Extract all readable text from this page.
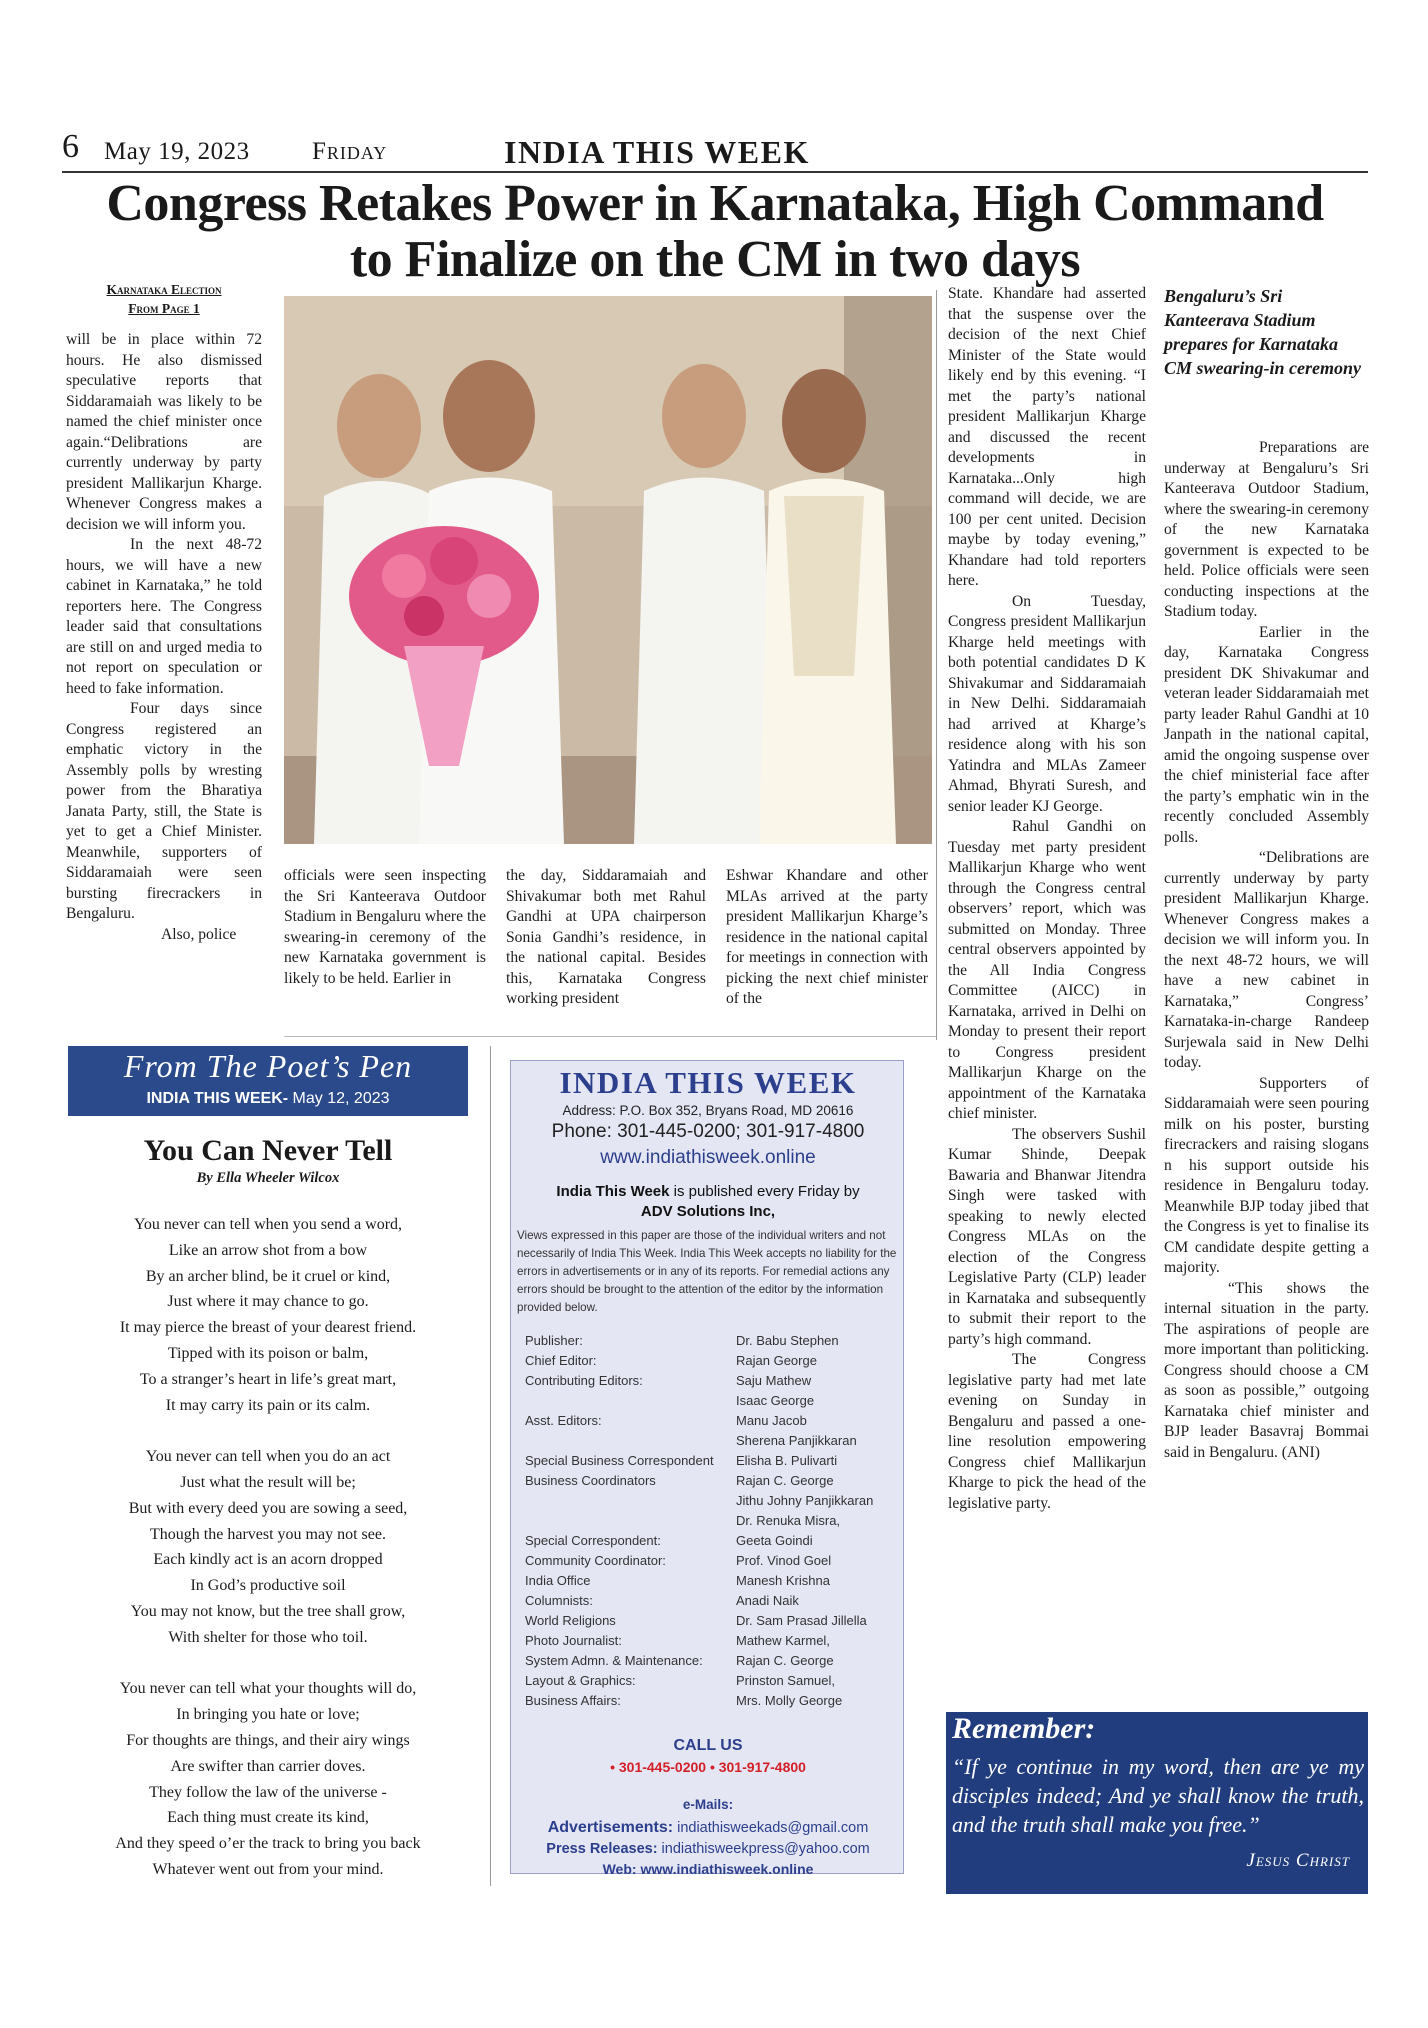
6 May 19, 2023 Friday	INDIA THIS WEEK
Congress Retakes Power in Karnataka, High Command
to Finalize on the CM in two days
Karnataka Election
From Page 1

will be in place within 72 hours. He also dismissed speculative reports that Siddaramaiah was likely to be named the chief minister once again.“Delibrations are currently underway by party president Mallikarjun Kharge. Whenever Congress makes a decision we will inform you.

In the next 48-72 hours, we will have a new cabinet in Karnataka,” he told reporters here. The Congress leader said that consultations are still on and urged media to not report on speculation or heed to fake information.

Four days since Congress registered an emphatic victory in the Assembly polls by wresting power from the Bharatiya Janata Party, still, the State is yet to get a Chief Minister. Meanwhile, supporters of Siddaramaiah were seen bursting firecrackers in Bengaluru.

Also, police

officials were seen inspecting the Sri Kanteerava Outdoor Stadium in Bengaluru where the swearing-in ceremony of the new Karnataka government is likely to be held. Earlier in

the day, Siddaramaiah and Shivakumar both met Rahul Gandhi at UPA chairperson Sonia Gandhi’s residence, in the national capital. Besides this, Karnataka Congress working president

Eshwar Khandare and other MLAs arrived at the party president Mallikarjun Kharge’s residence in the national capital for meetings in connection with picking the next chief minister of the

State. Khandare had asserted that the suspense over the decision of the next Chief Minister of the State would likely end by this evening. “I met the party’s national president Mallikarjun Kharge and discussed the recent developments in Karnataka...Only high command will decide, we are 100 per cent united. Decision maybe by today evening,” Khandare had told reporters here.

On Tuesday, Congress president Mallikarjun Kharge held meetings with both potential candidates D K Shivakumar and Siddaramaiah in New Delhi. Siddaramaiah had arrived at Kharge’s residence along with his son Yatindra and MLAs Zameer Ahmad, Bhyrati Suresh, and senior leader KJ George.

Rahul Gandhi on Tuesday met party president Mallikarjun Kharge who went through the Congress central observers’ report, which was submitted on Monday. Three central observers appointed by the All India Congress Committee (AICC) in Karnataka, arrived in Delhi on Monday to present their report to Congress president Mallikarjun Kharge on the appointment of the Karnataka chief minister.

The observers Sushil Kumar Shinde, Deepak Bawaria and Bhanwar Jitendra Singh were tasked with speaking to newly elected Congress MLAs on the election of the Congress Legislative Party (CLP) leader in Karnataka and subsequently to submit their report to the party’s high command.

The Congress legislative party had met late evening on Sunday in Bengaluru and passed a one-line resolution empowering Congress chief Mallikarjun Kharge to pick the head of the legislative party.

Bengaluru’s Sri Kanteerava Stadium prepares for Karnataka CM swearing-in ceremony

Preparations are underway at Bengaluru’s Sri Kanteerava Outdoor Stadium, where the swearing-in ceremony of the new Karnataka government is expected to be held. Police officials were seen conducting inspections at the Stadium today.

Earlier in the day, Karnataka Congress president DK Shivakumar and veteran leader Siddaramaiah met party leader Rahul Gandhi at 10 Janpath in the national capital, amid the ongoing suspense over the chief ministerial face after the party’s emphatic win in the recently concluded Assembly polls.

“Delibrations are currently underway by party president Mallikarjun Kharge. Whenever Congress makes a decision we will inform you. In the next 48-72 hours, we will have a new cabinet in Karnataka,” Congress’ Karnataka-in-charge Randeep Surjewala said in New Delhi today.

Supporters of Siddaramaiah were seen pouring milk on his poster, bursting firecrackers and raising slogans n his support outside his residence in Bengaluru today. Meanwhile BJP today jibed that the Congress is yet to finalise its CM candidate despite getting a majority.

“This shows the internal situation in the party. The aspirations of people are more important than politicking. Congress should choose a CM as soon as possible,” outgoing Karnataka chief minister and BJP leader Basavraj Bommai said in Bengaluru. (ANI)

From The Poet’s Pen
INDIA THIS WEEK- May 12, 2023
You Can Never Tell
By Ella Wheeler Wilcox
You never can tell when you send a word,
Like an arrow shot from a bow
By an archer blind, be it cruel or kind,
Just where it may chance to go.
It may pierce the breast of your dearest friend.
Tipped with its poison or balm,
To a stranger’s heart in life’s great mart,
It may carry its pain or its calm.
You never can tell when you do an act
Just what the result will be;
But with every deed you are sowing a seed,
Though the harvest you may not see.
Each kindly act is an acorn dropped
In God’s productive soil
You may not know, but the tree shall grow,
With shelter for those who toil.
You never can tell what your thoughts will do,
In bringing you hate or love;
For thoughts are things, and their airy wings
Are swifter than carrier doves.
They follow the law of the universe -
Each thing must create its kind,
And they speed o’er the track to bring you back
Whatever went out from your mind.
INDIA THIS WEEK
Address: P.O. Box 352, Bryans Road, MD 20616
Phone: 301-445-0200; 301-917-4800
www.indiathisweek.online
India This Week is published every Friday by
ADV Solutions Inc,
Views expressed in this paper are those of the individual writers and not necessarily of India This Week. India This Week accepts no liability for the errors in advertisements or in any of its reports. For remedial actions any errors should be brought to the attention of the editor by the information provided below.
Publisher:	Dr. Babu Stephen
Chief Editor:	Rajan George
Contributing Editors:	Saju Mathew
Isaac George
Asst. Editors:	Manu Jacob
Sherena Panjikkaran
Special Business Correspondent Elisha B. Pulivarti
Business Coordinators	Rajan C. George
Jithu Johny Panjikkaran
Dr. Renuka Misra,
Special Correspondent:	Geeta Goindi
Community Coordinator:	Prof. Vinod Goel
India Office	Manesh Krishna
Columnists:	Anadi Naik
World Religions	Dr. Sam Prasad Jillella
Photo Journalist:	Mathew Karmel,
System Admn. & Maintenance:	Rajan C. George
Layout & Graphics:	Prinston Samuel,
Business Affairs:	Mrs. Molly George
CALL US
• 301-445-0200 • 301-917-4800
e-Mails:
Advertisements: indiathisweekads@gmail.com
Press Releases: indiathisweekpress@yahoo.com
Web: www.indiathisweek.online
Remember:
“If ye continue in my word, then are ye my disciples indeed; And ye shall know the truth, and the truth shall make you free.”
Jesus Christ
